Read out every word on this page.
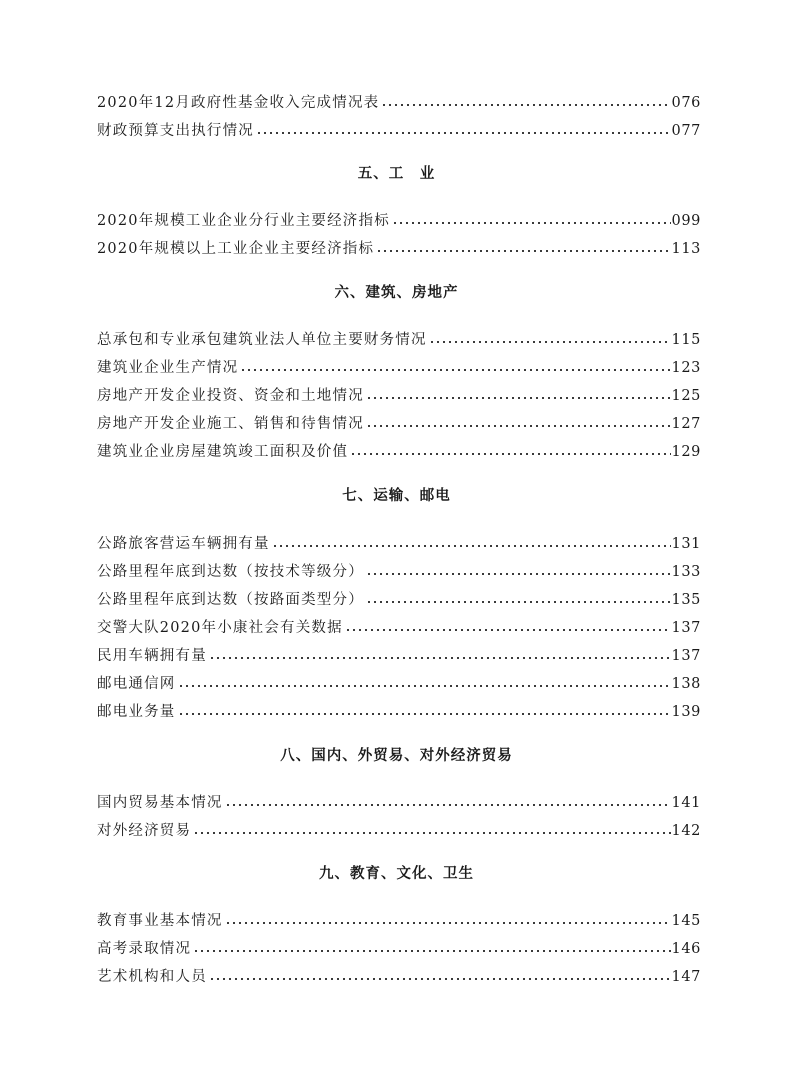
2020年12月政府性基金收入完成情况表	076
财政预算支出执行情况	077
五、工　业
2020年规模工业企业分行业主要经济指标	099
2020年规模以上工业企业主要经济指标	113
六、建筑、房地产
总承包和专业承包建筑业法人单位主要财务情况	115
建筑业企业生产情况	123
房地产开发企业投资、资金和土地情况	125
房地产开发企业施工、销售和待售情况	127
建筑业企业房屋建筑竣工面积及价值	129
七、运输、邮电
公路旅客营运车辆拥有量	131
公路里程年底到达数（按技术等级分）	133
公路里程年底到达数（按路面类型分）	135
交警大队2020年小康社会有关数据	137
民用车辆拥有量	137
邮电通信网	138
邮电业务量	139
八、国内、外贸易、对外经济贸易
国内贸易基本情况	141
对外经济贸易	142
九、教育、文化、卫生
教育事业基本情况	145
高考录取情况	146
艺术机构和人员	147
